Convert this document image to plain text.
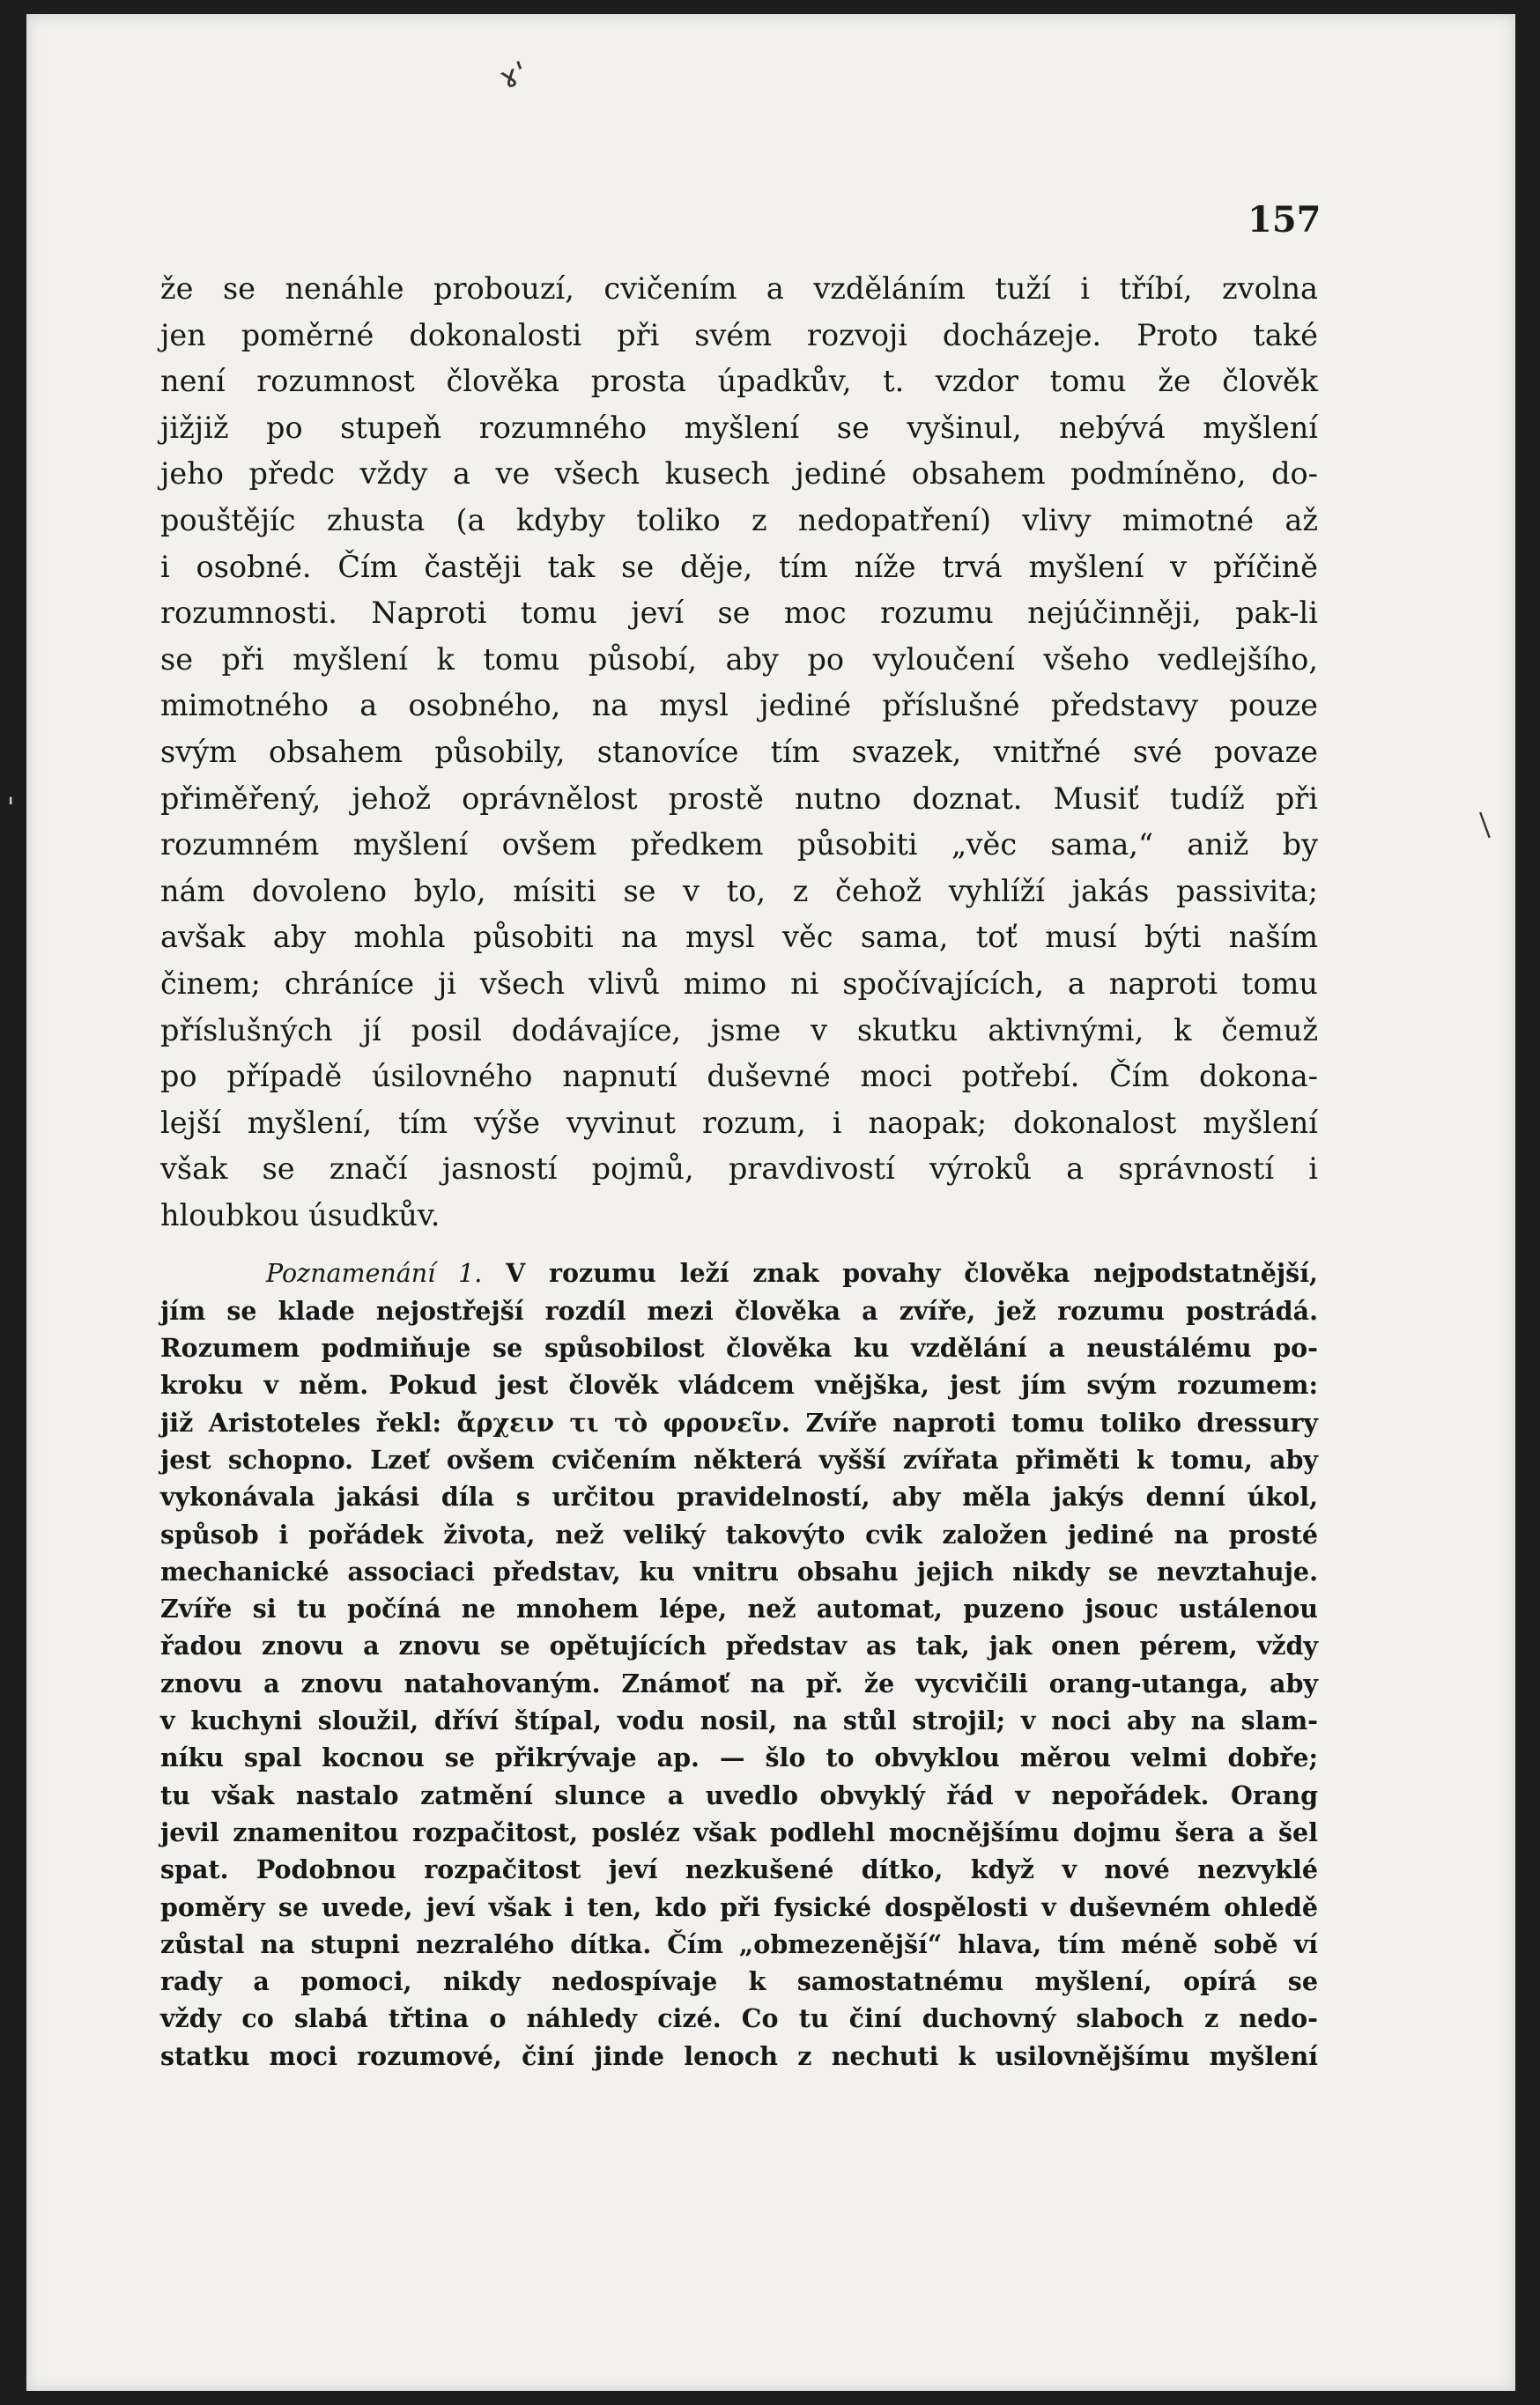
ɤ'
—
157
že se nenáhle probouzí, cvičením a vzděláním tuží i tříbí, zvolna
jen poměrné dokonalosti při svém rozvoji docházeje. Proto také
není rozumnost člověka prosta úpadkův, t. vzdor tomu že člověk
jižjiž po stupeň rozumného myšlení se vyšinul, nebývá myšlení
jeho předc vždy a ve všech kusech jediné obsahem podmíněno, do-
pouštějíc zhusta (a kdyby toliko z nedopatření) vlivy mimotné až
i osobné. Čím častěji tak se děje, tím níže trvá myšlení v příčině
rozumnosti. Naproti tomu jeví se moc rozumu nejúčinněji, pak-li
se při myšlení k tomu působí, aby po vyloučení všeho vedlejšího,
mimotného a osobného, na mysl jediné příslušné představy pouze
svým obsahem působily, stanovíce tím svazek, vnitřné své povaze
přiměřený, jehož oprávnělost prostě nutno doznat. Musiť tudíž při
rozumném myšlení ovšem předkem působiti „věc sama,“ aniž by
nám dovoleno bylo, mísiti se v to, z čehož vyhlíží jakás passivita;
avšak aby mohla působiti na mysl věc sama, toť musí býti naším
činem; chráníce ji všech vlivů mimo ni spočívajících, a naproti tomu
příslušných jí posil dodávajíce, jsme v skutku aktivnými, k čemuž
po případě úsilovného napnutí duševné moci potřebí. Čím dokona-
lejší myšlení, tím výše vyvinut rozum, i naopak; dokonalost myšlení
však se značí jasností pojmů, pravdivostí výroků a správností i
hloubkou úsudkův.
Poznamenání 1. V rozumu leží znak povahy člověka nejpodstatnější,
jím se klade nejostřejší rozdíl mezi člověka a zvíře, jež rozumu postrádá.
Rozumem podmiňuje se spůsobilost člověka ku vzdělání a neustálému po-
kroku v něm. Pokud jest člověk vládcem vnějška, jest jím svým rozumem:
již Aristoteles řekl: ἄρχειν τι τὸ φρονεῖν. Zvíře naproti tomu toliko dressury
jest schopno. Lzeť ovšem cvičením některá vyšší zvířata přiměti k tomu, aby
vykonávala jakási díla s určitou pravidelností, aby měla jakýs denní úkol,
spůsob i pořádek života, než veliký takovýto cvik založen jediné na prosté
mechanické associaci představ, ku vnitru obsahu jejich nikdy se nevztahuje.
Zvíře si tu počíná ne mnohem lépe, než automat, puzeno jsouc ustálenou
řadou znovu a znovu se opětujících představ as tak, jak onen pérem, vždy
znovu a znovu natahovaným. Známoť na př. že vycvičili orang-utanga, aby
v kuchyni sloužil, dříví štípal, vodu nosil, na stůl strojil; v noci aby na slam-
níku spal kocnou se přikrývaje ap. — šlo to obvyklou měrou velmi dobře;
tu však nastalo zatmění slunce a uvedlo obvyklý řád v nepořádek. Orang
jevil znamenitou rozpačitost, posléz však podlehl mocnějšímu dojmu šera a šel
spat. Podobnou rozpačitost jeví nezkušené dítko, když v nové nezvyklé
poměry se uvede, jeví však i ten, kdo při fysické dospělosti v duševném ohledě
zůstal na stupni nezralého dítka. Čím „obmezenější“ hlava, tím méně sobě ví
rady a pomoci, nikdy nedospívaje k samostatnému myšlení, opírá se
vždy co slabá třtina o náhledy cizé. Co tu činí duchovný slaboch z nedo-
statku moci rozumové, činí jinde lenoch z nechuti k usilovnějšímu myšlení
'
